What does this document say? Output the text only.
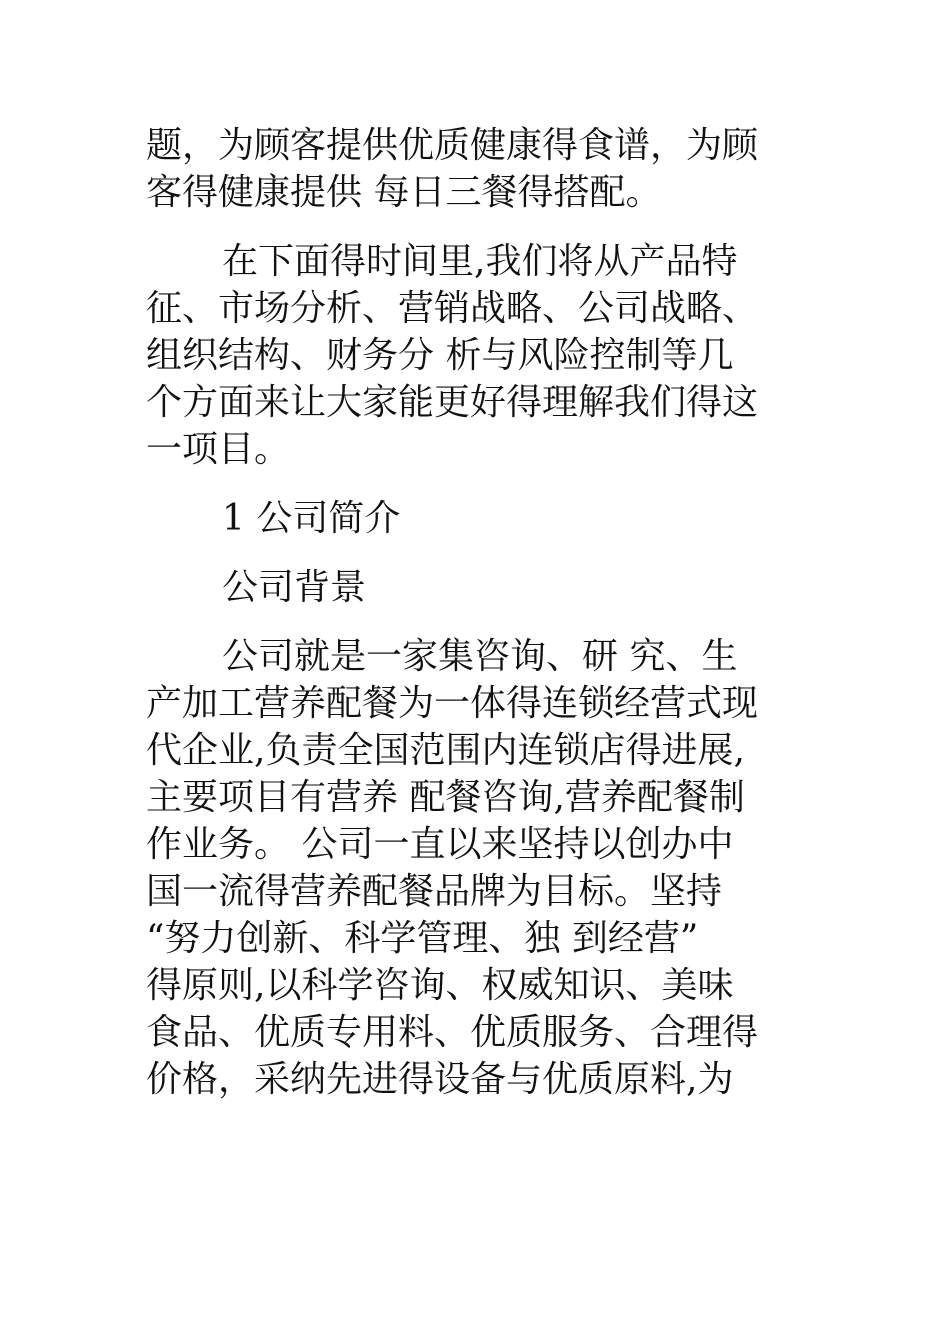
题，为顾客提供优质健康得食谱，为顾
客得健康提供 每日三餐得搭配。
在下面得时间里,我们将从产品特
征、市场分析、营销战略、公司战略、
组织结构、财务分 析与风险控制等几
个方面来让大家能更好得理解我们得这
一项目。
1 公司简介
公司背景
公司就是一家集咨询、研 究、生
产加工营养配餐为一体得连锁经营式现
代企业,负责全国范围内连锁店得进展,
主要项目有营养 配餐咨询,营养配餐制
作业务。 公司一直以来坚持以创办中
国一流得营养配餐品牌为目标。坚持
“努力创新、科学管理、独 到经营”
得原则,以科学咨询、权威知识、美味
食品、优质专用料、优质服务、合理得
价格，采纳先进得设备与优质原料,为
